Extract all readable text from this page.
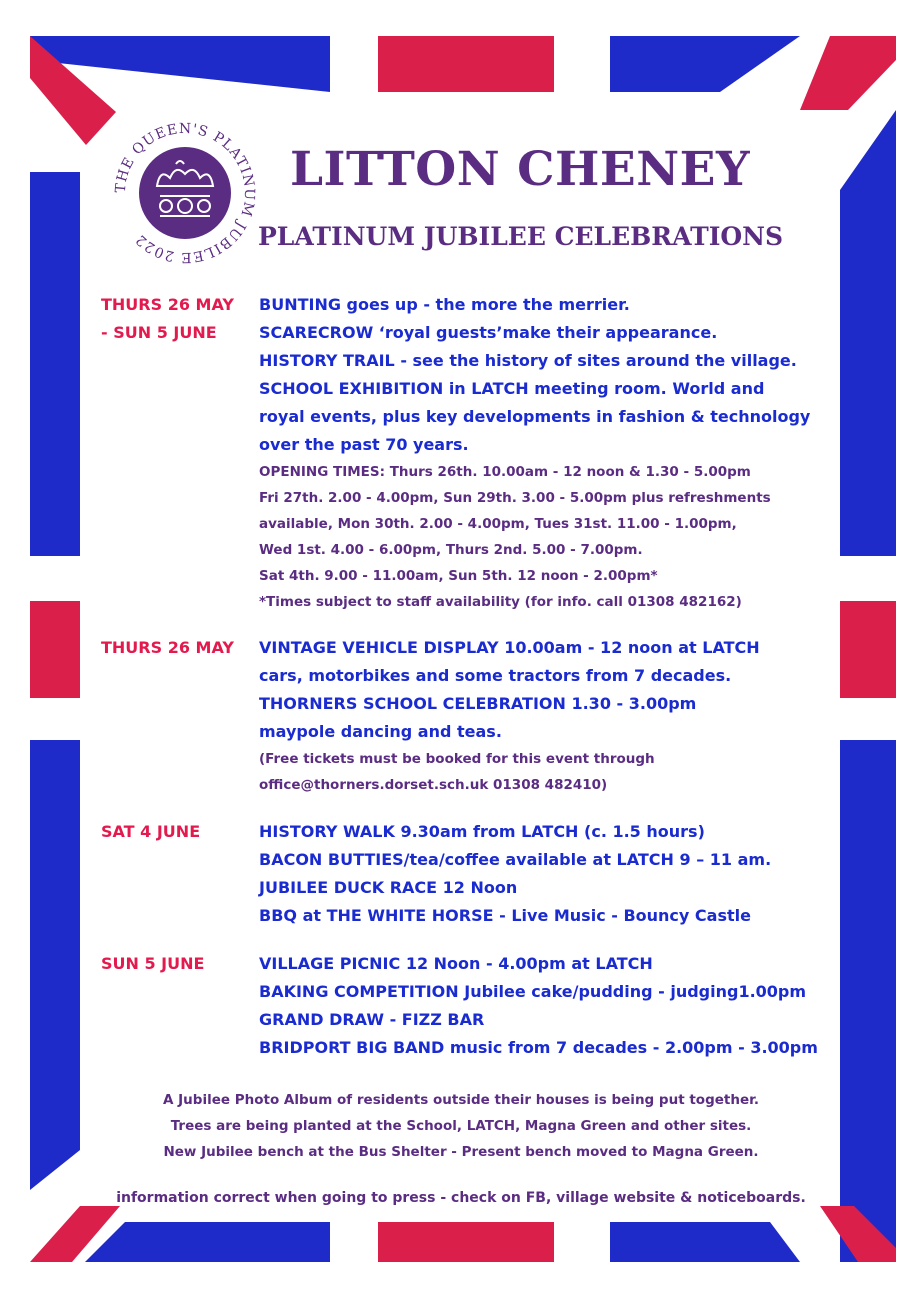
THE QUEEN'S PLATINUM JUBILEE 2022
LITTON CHENEY
PLATINUM JUBILEE CELEBRATIONS
THURS 26 MAY
- SUN 5 JUNE
BUNTING goes up - the more the merrier.
SCARECROW ‘royal guests’make their appearance.
HISTORY TRAIL - see the history of sites around the village.
SCHOOL EXHIBITION in LATCH meeting room. World and
royal events, plus key developments in fashion & technology
over the past 70 years.
OPENING TIMES: Thurs 26th. 10.00am - 12 noon & 1.30 - 5.00pm
Fri 27th. 2.00 - 4.00pm, Sun 29th. 3.00 - 5.00pm plus refreshments
available, Mon 30th. 2.00 - 4.00pm, Tues 31st. 11.00 - 1.00pm,
Wed 1st. 4.00 - 6.00pm, Thurs 2nd. 5.00 - 7.00pm.
Sat 4th. 9.00 - 11.00am, Sun 5th. 12 noon - 2.00pm*
*Times subject to staff availability (for info. call 01308 482162)
THURS 26 MAY VINTAGE VEHICLE DISPLAY 10.00am - 12 noon at LATCH
cars, motorbikes and some tractors from 7 decades.
THORNERS SCHOOL CELEBRATION 1.30 - 3.00pm
maypole dancing and teas.
(Free tickets must be booked for this event through
office@thorners.dorset.sch.uk 01308 482410)
SAT 4 JUNE	HISTORY WALK 9.30am from LATCH (c. 1.5 hours)
BACON BUTTIES/tea/coffee available at LATCH 9 – 11 am.
JUBILEE DUCK RACE 12 Noon
BBQ at THE WHITE HORSE - Live Music - Bouncy Castle
SUN 5 JUNE	VILLAGE PICNIC 12 Noon - 4.00pm at LATCH
BAKING COMPETITION Jubilee cake/pudding - judging1.00pm
GRAND DRAW - FIZZ BAR
BRIDPORT BIG BAND music from 7 decades - 2.00pm - 3.00pm
A Jubilee Photo Album of residents outside their houses is being put together.
Trees are being planted at the School, LATCH, Magna Green and other sites.
New Jubilee bench at the Bus Shelter - Present bench moved to Magna Green.
information correct when going to press - check on FB, village website & noticeboards.
